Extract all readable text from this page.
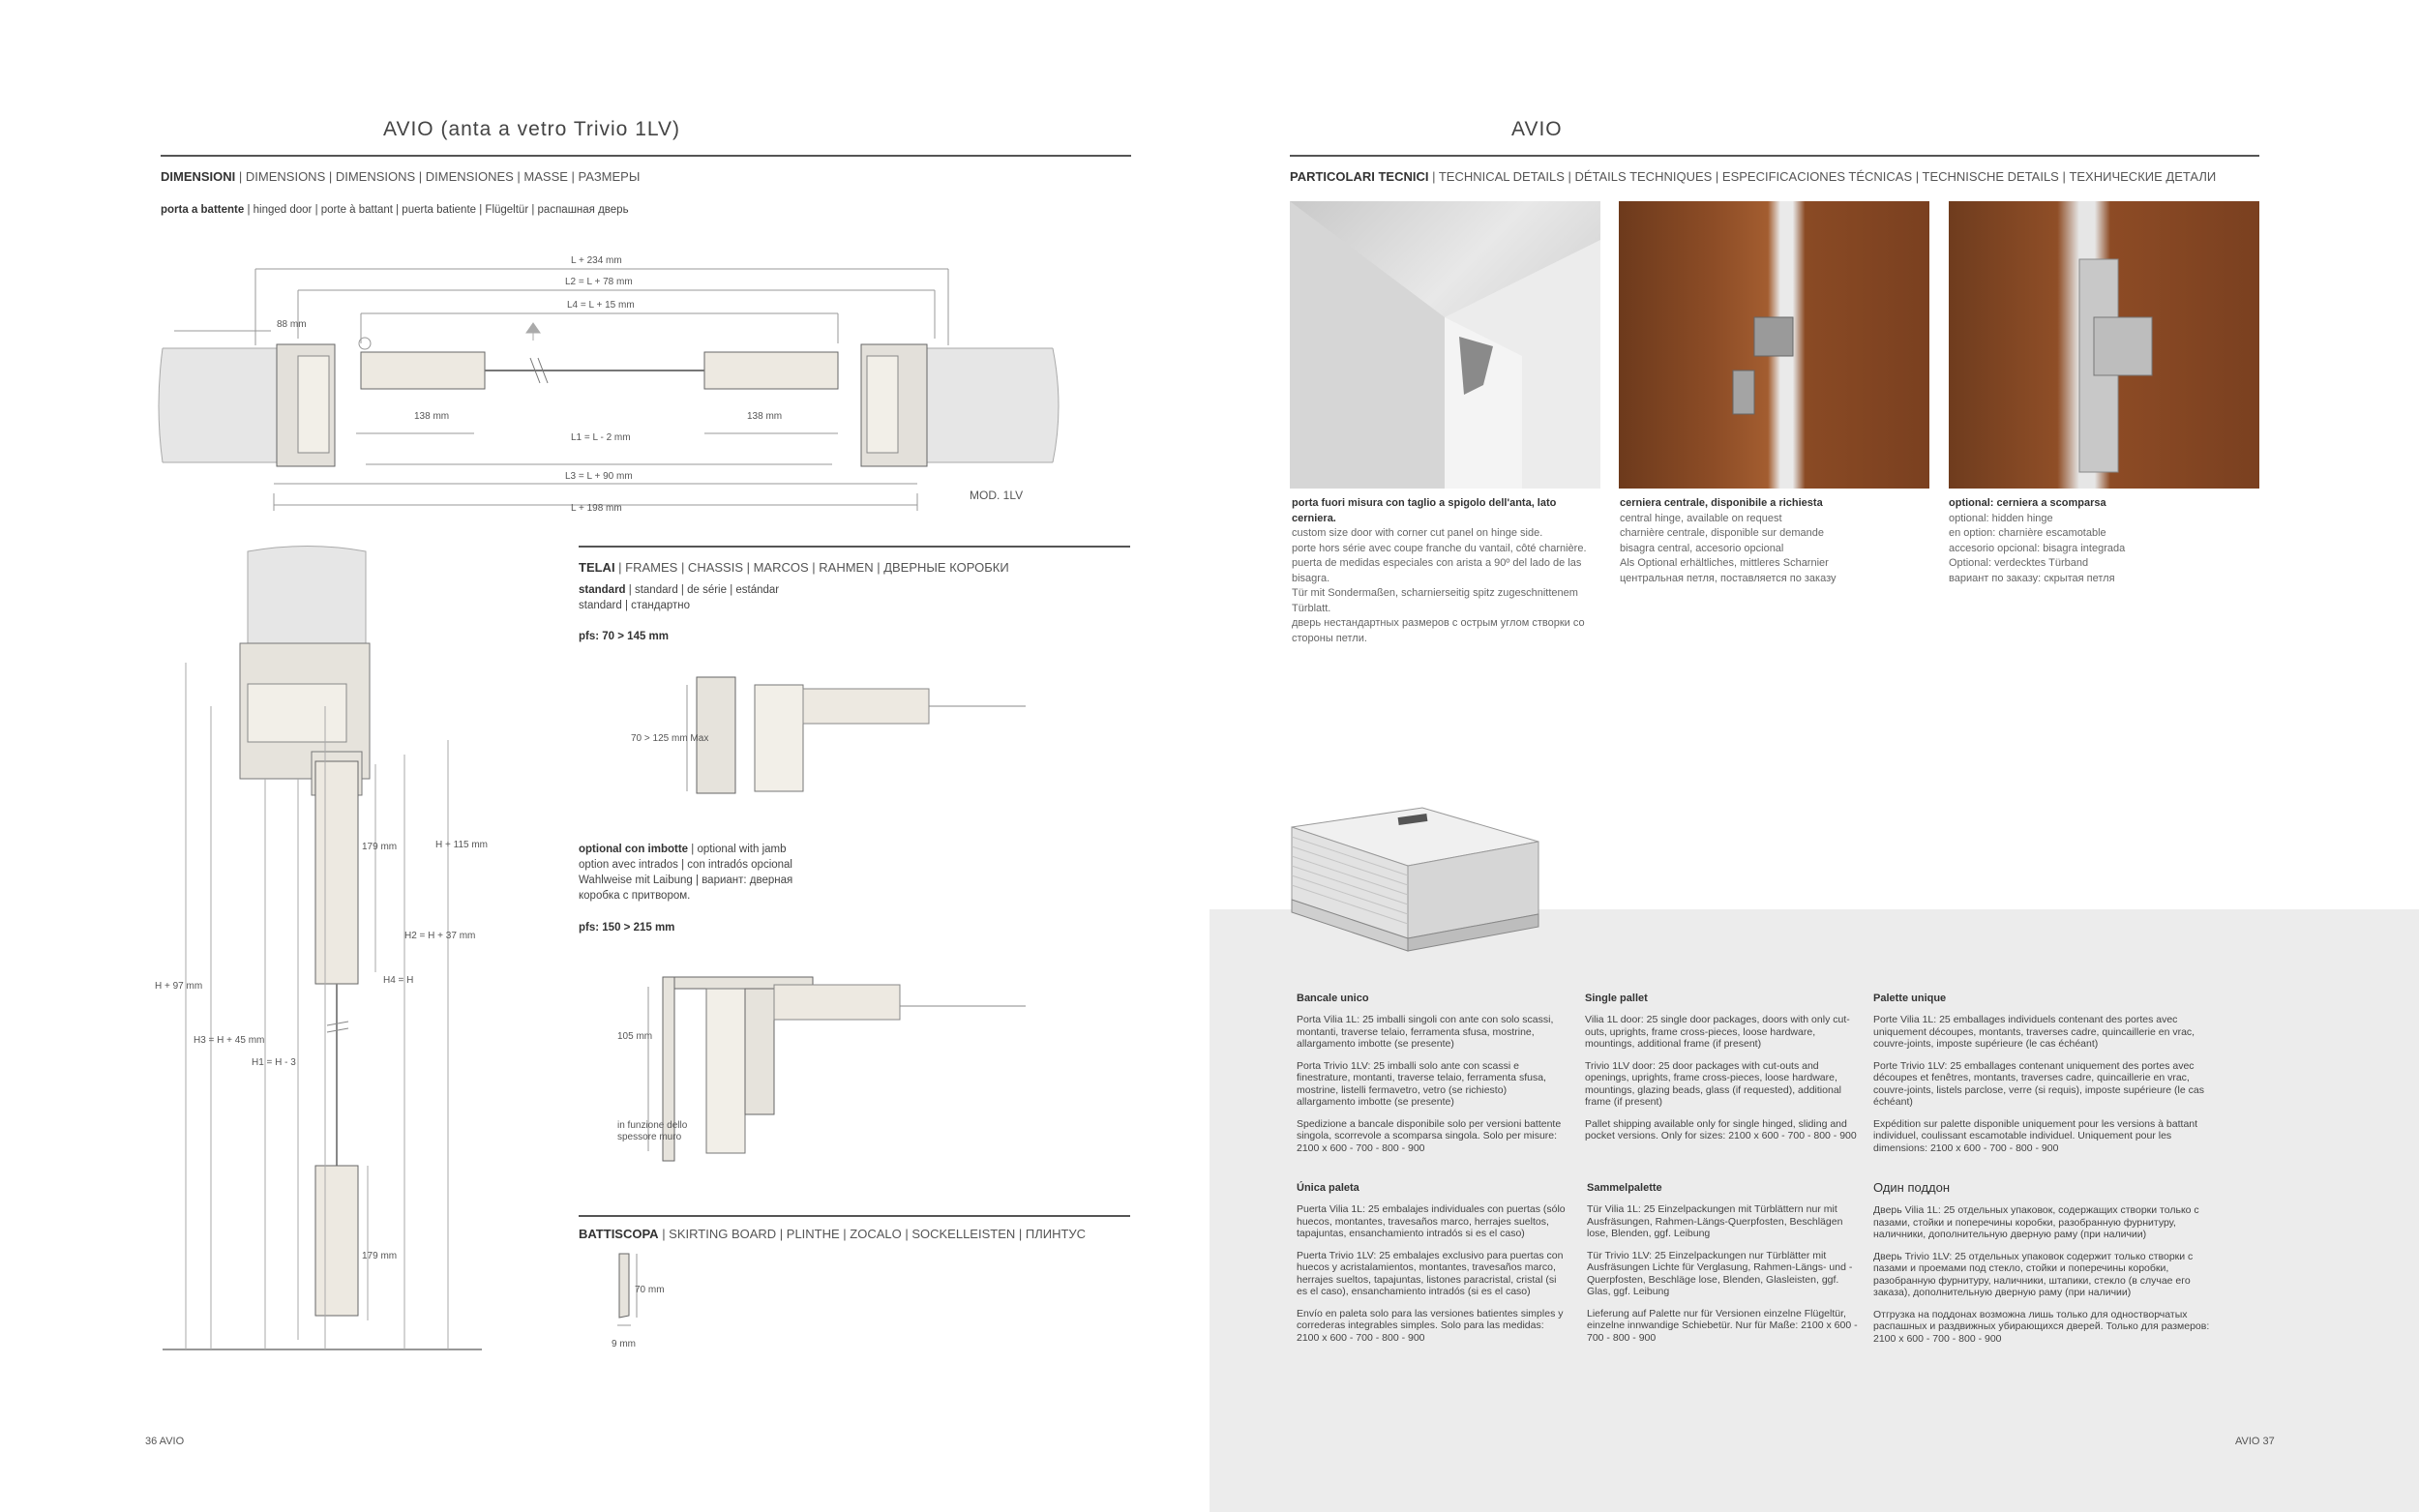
AVIO (anta a vetro Trivio 1LV)
DIMENSIONI | DIMENSIONS | DIMENSIONS | DIMENSIONES | MASSE | РАЗМЕРЫ
porta a battente | hinged door | porte à battant | puerta batiente | Flügeltür | распашная дверь
L + 234 mm
L2 = L + 78 mm
L4 = L + 15 mm
88 mm
138 mm	138 mm
L1 = L - 2 mm
L3 = L + 90 mm
L + 198 mm
MOD. 1LV
H + 115 mm
H2 = H + 37 mm
H4 = H
H + 97 mm
H3 = H + 45 mm
H1 = H - 3
179 mm
179 mm
TELAI | FRAMES | CHASSIS | MARCOS | RAHMEN | ДВЕРНЫЕ КОРОБКИ
standard | standard | de série | estándar
standard | стандартно
pfs: 70 > 145 mm
70 > 125 mm Max
optional con imbotte | optional with jamb
option avec intrados | con intradós opcional
Wahlweise mit Laibung | вариант: дверная
коробка с притвором.
pfs: 150 > 215 mm
105 mm
in funzione dello
spessore muro
BATTISCOPA | SKIRTING BOARD | PLINTHE | ZOCALO | SOCKELLEISTEN | ПЛИНТУС
70 mm
9 mm
36 AVIO
AVIO
PARTICOLARI TECNICI | TECHNICAL DETAILS | DÉTAILS TECHNIQUES | ESPECIFICACIONES TÉCNICAS | TECHNISCHE DETAILS | ТЕХНИЧЕСКИЕ ДЕТАЛИ
porta fuori misura con taglio a spigolo dell'anta, lato cerniera.
custom size door with corner cut panel on hinge side.
porte hors série avec coupe franche du vantail, côté charnière.
puerta de medidas especiales con arista a 90º del lado de las bisagra.
Tür mit Sondermaßen, scharnierseitig spitz zugeschnittenem Türblatt.
дверь нестандартных размеров с острым углом створки со
стороны петли.
cerniera centrale, disponibile a richiesta
central hinge, available on request
charnière centrale, disponible sur demande
bisagra central, accesorio opcional
Als Optional erhältliches, mittleres Scharnier
центральная петля, поставляется по заказу
optional: cerniera a scomparsa
optional: hidden hinge
en option: charnière escamotable
accesorio opcional: bisagra integrada
Optional: verdecktes Türband
вариант по заказу: скрытая петля
Bancale unico

Porta Vilia 1L: 25 imballi singoli con ante con solo scassi, montanti, traverse telaio, ferramenta sfusa, mostrine, allargamento imbotte (se presente)

Porta Trivio 1LV: 25 imballi solo ante con scassi e finestrature, montanti, traverse telaio, ferramenta sfusa, mostrine, listelli fermavetro, vetro (se richiesto) allargamento imbotte (se presente)

Spedizione a bancale disponibile solo per versioni battente singola, scorrevole a scomparsa singola. Solo per misure: 2100 x 600 - 700 - 800 - 900

Single pallet

Vilia 1L door: 25 single door packages, doors with only cut-outs, uprights, frame cross-pieces, loose hardware, mountings, additional frame (if present)

Trivio 1LV door: 25 door packages with cut-outs and openings, uprights, frame cross-pieces, loose hardware, mountings, glazing beads, glass (if requested), additional frame (if present)

Pallet shipping available only for single hinged, sliding and pocket versions. Only for sizes: 2100 x 600 - 700 - 800 - 900

Palette unique

Porte Vilia 1L: 25 emballages individuels contenant des portes avec uniquement découpes, montants, traverses cadre, quincaillerie en vrac, couvre-joints, imposte supérieure (le cas échéant)

Porte Trivio 1LV: 25 emballages contenant uniquement des portes avec découpes et fenêtres, montants, traverses cadre, quincaillerie en vrac, couvre-joints, listels parclose, verre (si requis), imposte supérieure (le cas échéant)

Expédition sur palette disponible uniquement pour les versions à battant individuel, coulissant escamotable individuel. Uniquement pour les dimensions: 2100 x 600 - 700 - 800 - 900

Única paleta

Puerta Vilia 1L: 25 embalajes individuales con puertas (sólo huecos, montantes, travesaños marco, herrajes sueltos, tapajuntas, ensanchamiento intradós si es el caso)

Puerta Trivio 1LV: 25 embalajes exclusivo para puertas con huecos y acristalamientos, montantes, travesaños marco, herrajes sueltos, tapajuntas, listones paracristal, cristal (si es el caso), ensanchamiento intradós (si es el caso)

Envío en paleta solo para las versiones batientes simples y correderas integrables simples. Solo para las medidas: 2100 x 600 - 700 - 800 - 900

Sammelpalette

Tür Vilia 1L: 25 Einzelpackungen mit Türblättern nur mit Ausfräsungen, Rahmen-Längs-Querpfosten, Beschlägen lose, Blenden, ggf. Leibung

Tür Trivio 1LV: 25 Einzelpackungen nur Türblätter mit Ausfräsungen Lichte für Verglasung, Rahmen-Längs- und -Querpfosten, Beschläge lose, Blenden, Glasleisten, ggf. Glas, ggf. Leibung

Lieferung auf Palette nur für Versionen einzelne Flügeltür, einzelne innwandige Schiebetür. Nur für Maße: 2100 x 600 - 700 - 800 - 900

Один поддон

Дверь Vilia 1L: 25 отдельных упаковок, содержащих створки только с пазами, стойки и поперечины коробки, разобранную фурнитуру, наличники, дополнительную дверную раму (при наличии)

Дверь Trivio 1LV: 25 отдельных упаковок содержит только створки с пазами и проемами под стекло, стойки и поперечины коробки, разобранную фурнитуру, наличники, штапики, стекло (в случае его заказа), дополнительную дверную раму (при наличии)

Отгрузка на поддонах возможна лишь только для одностворчатых распашных и раздвижных убирающихся дверей. Только для размеров: 2100 x 600 - 700 - 800 - 900

AVIO 37
